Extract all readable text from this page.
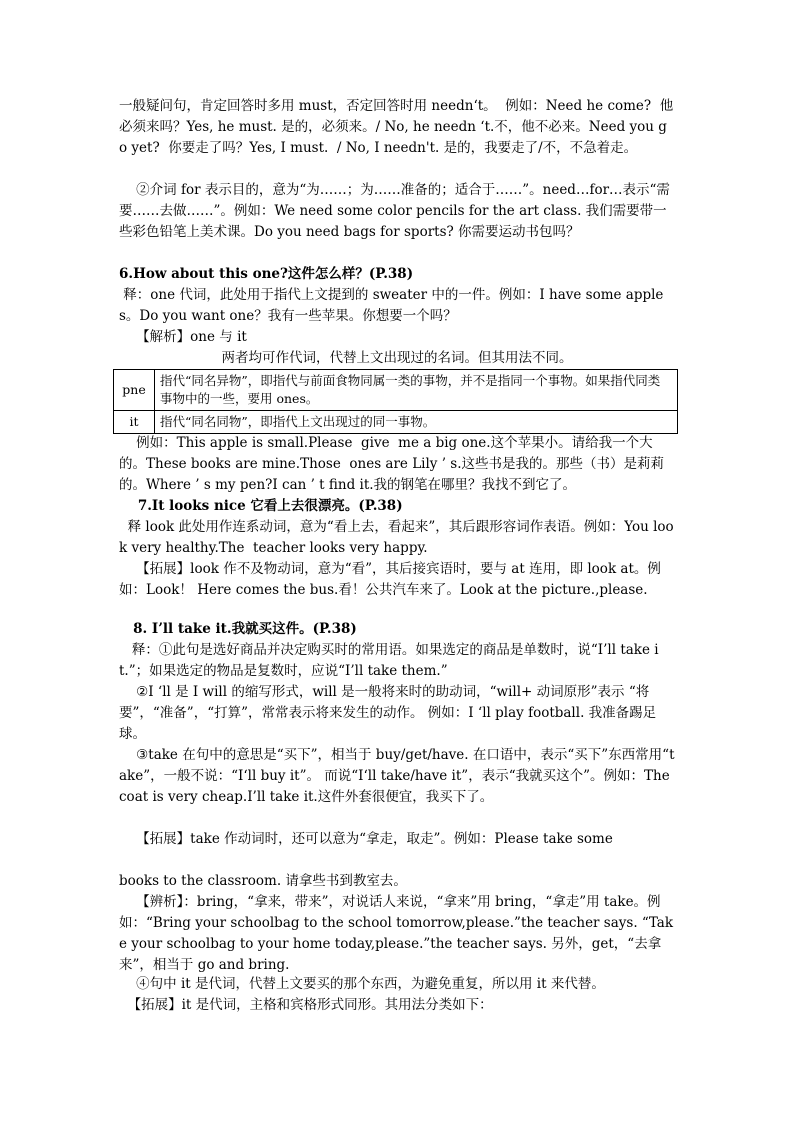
一般疑问句，肯定回答时多用 must，否定回答时用 needn‘t。  例如：Need he come?  他必须来吗？Yes, he must. 是的，必须来。/ No, he needn ‘t.不，他不必来。Need you go yet?  你要走了吗？Yes, I must.  / No, I needn't. 是的，我要走了/不，不急着走。

②介词 for 表示目的，意为“为……；为……准备的；适合于……”。need…for…表示“需要……去做……”。例如：We need some color pencils for the art class. 我们需要带一些彩色铅笔上美术课。Do you need bags for sports? 你需要运动书包吗？

6.How about this one?这件怎么样？(P.38)

释：one 代词，此处用于指代上文提到的 sweater 中的一件。例如：I have some apples。Do you want one？我有一些苹果。你想要一个吗？

【解析】one 与 it

两者均可作代词，代替上文出现过的名词。但其用法不同。

pne	指代“同名异物”，即指代与前面食物同属一类的事物，并不是指同一个事物。如果指代同类事物中的一些，要用 ones。
it	指代“同名同物”，即指代上文出现过的同一事物。

例如：This apple is small.Please  give  me a big one.这个苹果小。请给我一个大的。These books are mine.Those  ones are Lily ’ s.这些书是我的。那些（书）是莉莉的。Where ’ s my pen?I can ’ t find it.我的钢笔在哪里？我找不到它了。

7.It looks nice 它看上去很漂亮。(P.38)

释 look 此处用作连系动词，意为“看上去，看起来”，其后跟形容词作表语。例如：You look very healthy.The  teacher looks very happy.

【拓展】look 作不及物动词，意为“看”，其后接宾语时，要与 at 连用，即 look at。例如：Look！ Here comes the bus.看！公共汽车来了。Look at the picture.,please.

8. I’ll take it.我就买这件。(P.38)

释：①此句是选好商品并决定购买时的常用语。如果选定的商品是单数时，说“I’ll take it.”；如果选定的物品是复数时，应说“I’ll take them.”

②I ‘ll 是 I will 的缩写形式，will 是一般将来时的助动词，“will+ 动词原形”表示 “将要”，“准备”，“打算”，常常表示将来发生的动作。 例如：I ‘ll play football. 我准备踢足球。

③take 在句中的意思是“买下”，相当于 buy/get/have. 在口语中，表示“买下”东西常用“take”，一般不说：“I‘ll buy it”。 而说“I‘ll take/have it”，表示“我就买这个”。例如：The coat is very cheap.I’ll take it.这件外套很便宜，我买下了。

【拓展】take 作动词时，还可以意为“拿走，取走”。例如：Please take some

books to the classroom. 请拿些书到教室去。

【辨析】：bring，“拿来，带来”，对说话人来说，“拿来”用 bring，“拿走”用 take。例如：“Bring your schoolbag to the school tomorrow,please.”the teacher says. “Take your schoolbag to your home today,please.”the teacher says. 另外，get，“去拿来”，相当于 go and bring.

④句中 it 是代词，代替上文要买的那个东西，为避免重复，所以用 it 来代替。

【拓展】it 是代词，主格和宾格形式同形。其用法分类如下：
